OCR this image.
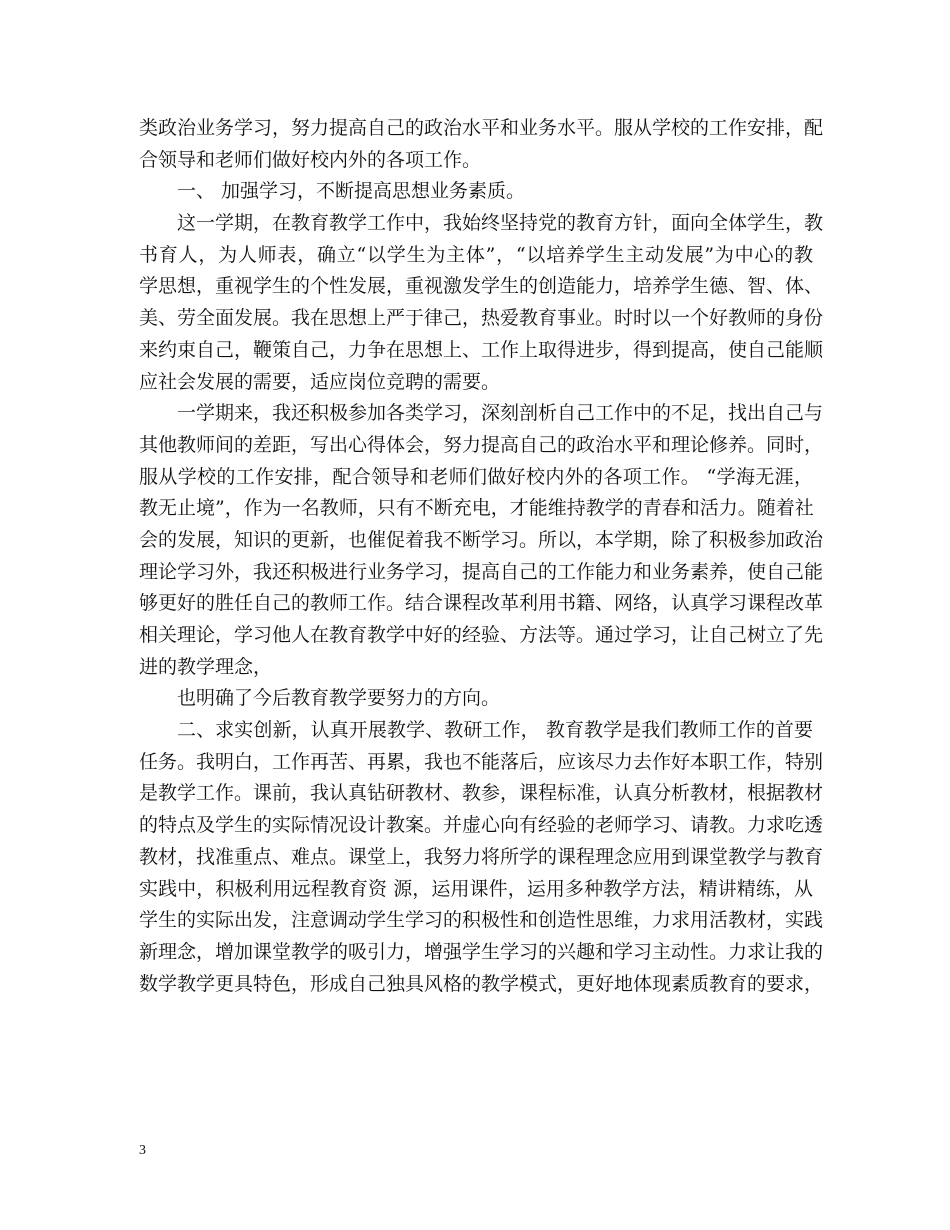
类政治业务学习，努力提高自己的政治水平和业务水平。服从学校的工作安排，配
合领导和老师们做好校内外的各项工作。
一、 加强学习，不断提高思想业务素质。
这一学期，在教育教学工作中，我始终坚持党的教育方针，面向全体学生，教
书育人，为人师表，确立“以学生为主体”，“以培养学生主动发展”为中心的教
学思想，重视学生的个性发展，重视激发学生的创造能力，培养学生德、智、体、
美、劳全面发展。我在思想上严于律己，热爱教育事业。时时以一个好教师的身份
来约束自己，鞭策自己，力争在思想上、工作上取得进步，得到提高，使自己能顺
应社会发展的需要，适应岗位竞聘的需要。
一学期来，我还积极参加各类学习，深刻剖析自己工作中的不足，找出自己与
其他教师间的差距，写出心得体会，努力提高自己的政治水平和理论修养。同时，
服从学校的工作安排，配合领导和老师们做好校内外的各项工作。 “学海无涯，
教无止境”，作为一名教师，只有不断充电，才能维持教学的青春和活力。随着社
会的发展，知识的更新，也催促着我不断学习。所以，本学期，除了积极参加政治
理论学习外，我还积极进行业务学习，提高自己的工作能力和业务素养，使自己能
够更好的胜任自己的教师工作。结合课程改革利用书籍、网络，认真学习课程改革
相关理论，学习他人在教育教学中好的经验、方法等。通过学习，让自己树立了先
进的教学理念，
也明确了今后教育教学要努力的方向。
二、求实创新，认真开展教学、教研工作， 教育教学是我们教师工作的首要
任务。我明白，工作再苦、再累，我也不能落后，应该尽力去作好本职工作，特别
是教学工作。课前，我认真钻研教材、教参，课程标准，认真分析教材，根据教材
的特点及学生的实际情况设计教案。并虚心向有经验的老师学习、请教。力求吃透
教材，找准重点、难点。课堂上，我努力将所学的课程理念应用到课堂教学与教育
实践中，积极利用远程教育资 源，运用课件，运用多种教学方法，精讲精练，从
学生的实际出发，注意调动学生学习的积极性和创造性思维，力求用活教材，实践
新理念，增加课堂教学的吸引力，增强学生学习的兴趣和学习主动性。力求让我的
数学教学更具特色，形成自己独具风格的教学模式，更好地体现素质教育的要求，
3
